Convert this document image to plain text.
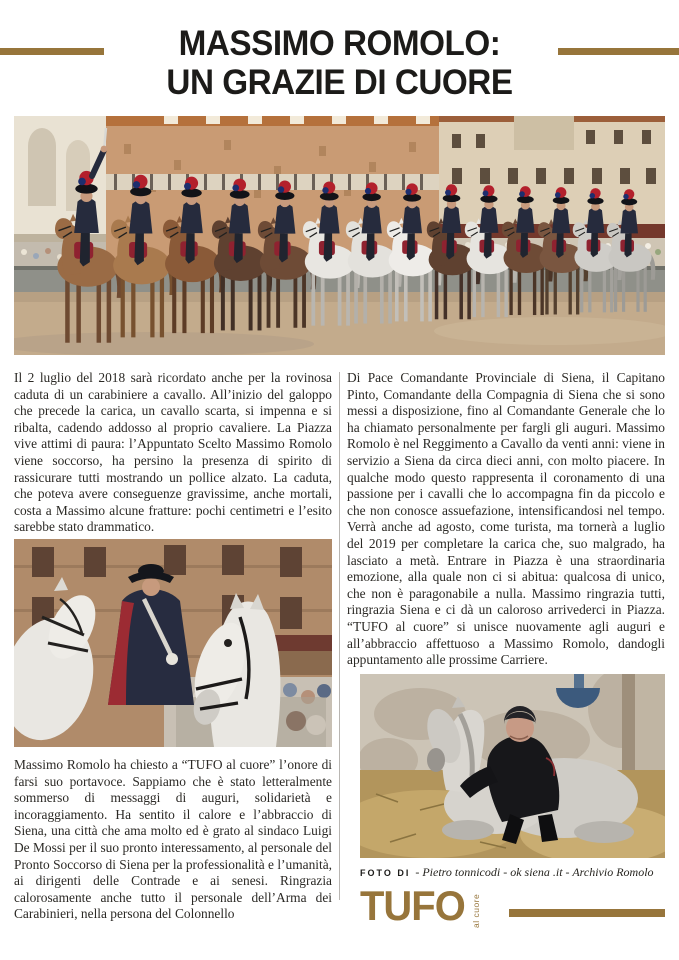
MASSIMO ROMOLO:
UN GRAZIE DI CUORE

Il 2 luglio del 2018 sarà ricordato anche per la rovinosa caduta di un carabiniere a cavallo. All’inizio del galoppo che precede la carica, un cavallo scarta, si impenna e si ribalta, cadendo addosso al proprio cavaliere. La Piazza vive attimi di paura: l’Appuntato Scelto Massimo Romolo viene soccorso, ha persino la presenza di spirito di rassicurare tutti mostrando un pollice alzato. La caduta, che poteva avere conseguenze gravissime, anche mortali, costa a Massimo alcune fratture: pochi centimetri e l’esito sarebbe stato drammatico.

Massimo Romolo ha chiesto a “TUFO al cuore” l’onore di farsi suo portavoce. Sappiamo che è stato letteralmente sommerso di messaggi di auguri, solidarietà e incoraggiamento. Ha sentito il calore e l’abbraccio di Siena, una città che ama molto ed è grato al sindaco Luigi De Mossi per il suo pronto interessamento, al personale del Pronto Soccorso di Siena per la professionalità e l’umanità, ai dirigenti delle Contrade e ai senesi. Ringrazia calorosamente anche tutto il personale dell’Arma dei Carabinieri, nella persona del Colonnello

Di Pace Comandante Provinciale di Siena, il Capitano Pinto, Comandante della Compagnia di Siena che si sono messi a disposizione, fino al Comandante Generale che lo ha chiamato personalmente per fargli gli auguri. Massimo Romolo è nel Reggimento a Cavallo da venti anni: viene in servizio a Siena da circa dieci anni, con molto piacere. In qualche modo questo rappresenta il coronamento di una passione per i cavalli che lo accompagna fin da piccolo e che non conosce assuefazione, intensificandosi nel tempo. Verrà anche ad agosto, come turista, ma tornerà a luglio del 2019 per completare la carica che, suo malgrado, ha lasciato a metà. Entrare in Piazza è una straordinaria emozione, alla quale non ci si abitua: qualcosa di unico, che non è paragonabile a nulla. Massimo ringrazia tutti, ringrazia Siena e ci dà un caloroso arrivederci in Piazza. “TUFO al cuore” si unisce nuovamente agli auguri e all’abbraccio affettuoso a Massimo Romolo, dandogli appuntamento alle prossime Carriere.

FOTO DI - Pietro tonnicodi - ok siena .it - Archivio Romolo
TUFO al cuore
